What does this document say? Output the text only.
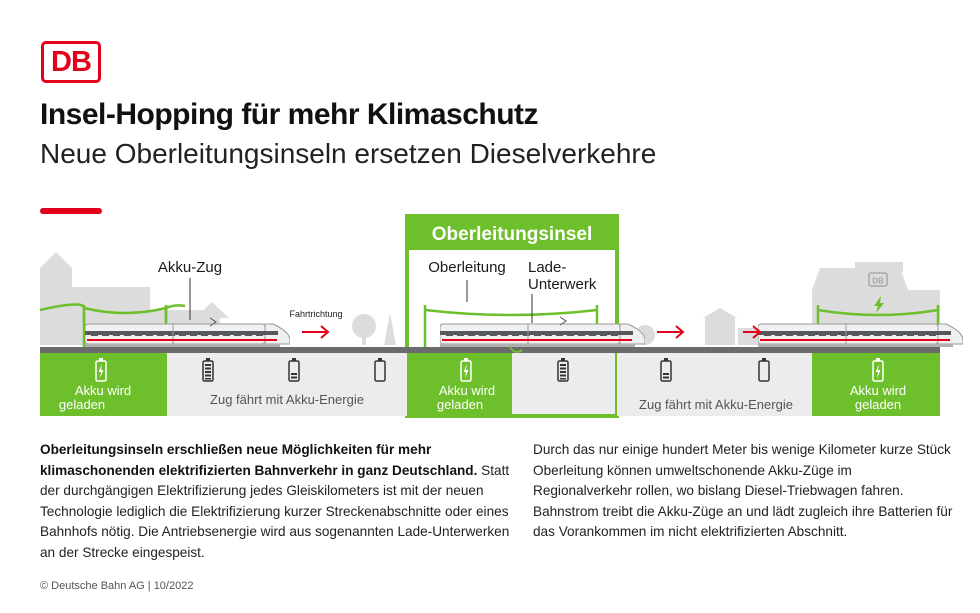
DB
Insel-Hopping für mehr Klimaschutz
Neue Oberleitungsinseln ersetzen Dieselverkehre
DB
Oberleitungsinsel
Akku-Zug
Fahrtrichtung
Oberleitung Lade-
Unterwerk
Akku wird
geladen	Zug fährt mit Akku-Energie
Akku wird
geladen	Zug fährt mit Akku-Energie
Akku wird
geladen

Oberleitungsinseln erschließen neue Möglichkeiten für mehr klimaschonenden elektrifizierten Bahnverkehr in ganz Deutschland. Statt der durchgängigen Elektrifizierung jedes Gleiskilometers ist mit der neuen Technologie lediglich die Elektrifizierung kurzer Streckenabschnitte oder eines Bahnhofs nötig. Die Antriebsenergie wird aus sogenannten Lade-Unterwerken an der Strecke eingespeist.

Durch das nur einige hundert Meter bis wenige Kilometer kurze Stück Oberleitung können umweltschonende Akku-Züge im Regionalverkehr rollen, wo bislang Diesel-Triebwagen fahren. Bahnstrom treibt die Akku-Züge an und lädt zugleich ihre Batterien für das Vorankommen im nicht elektrifizierten Abschnitt.

© Deutsche Bahn AG | 10/2022
